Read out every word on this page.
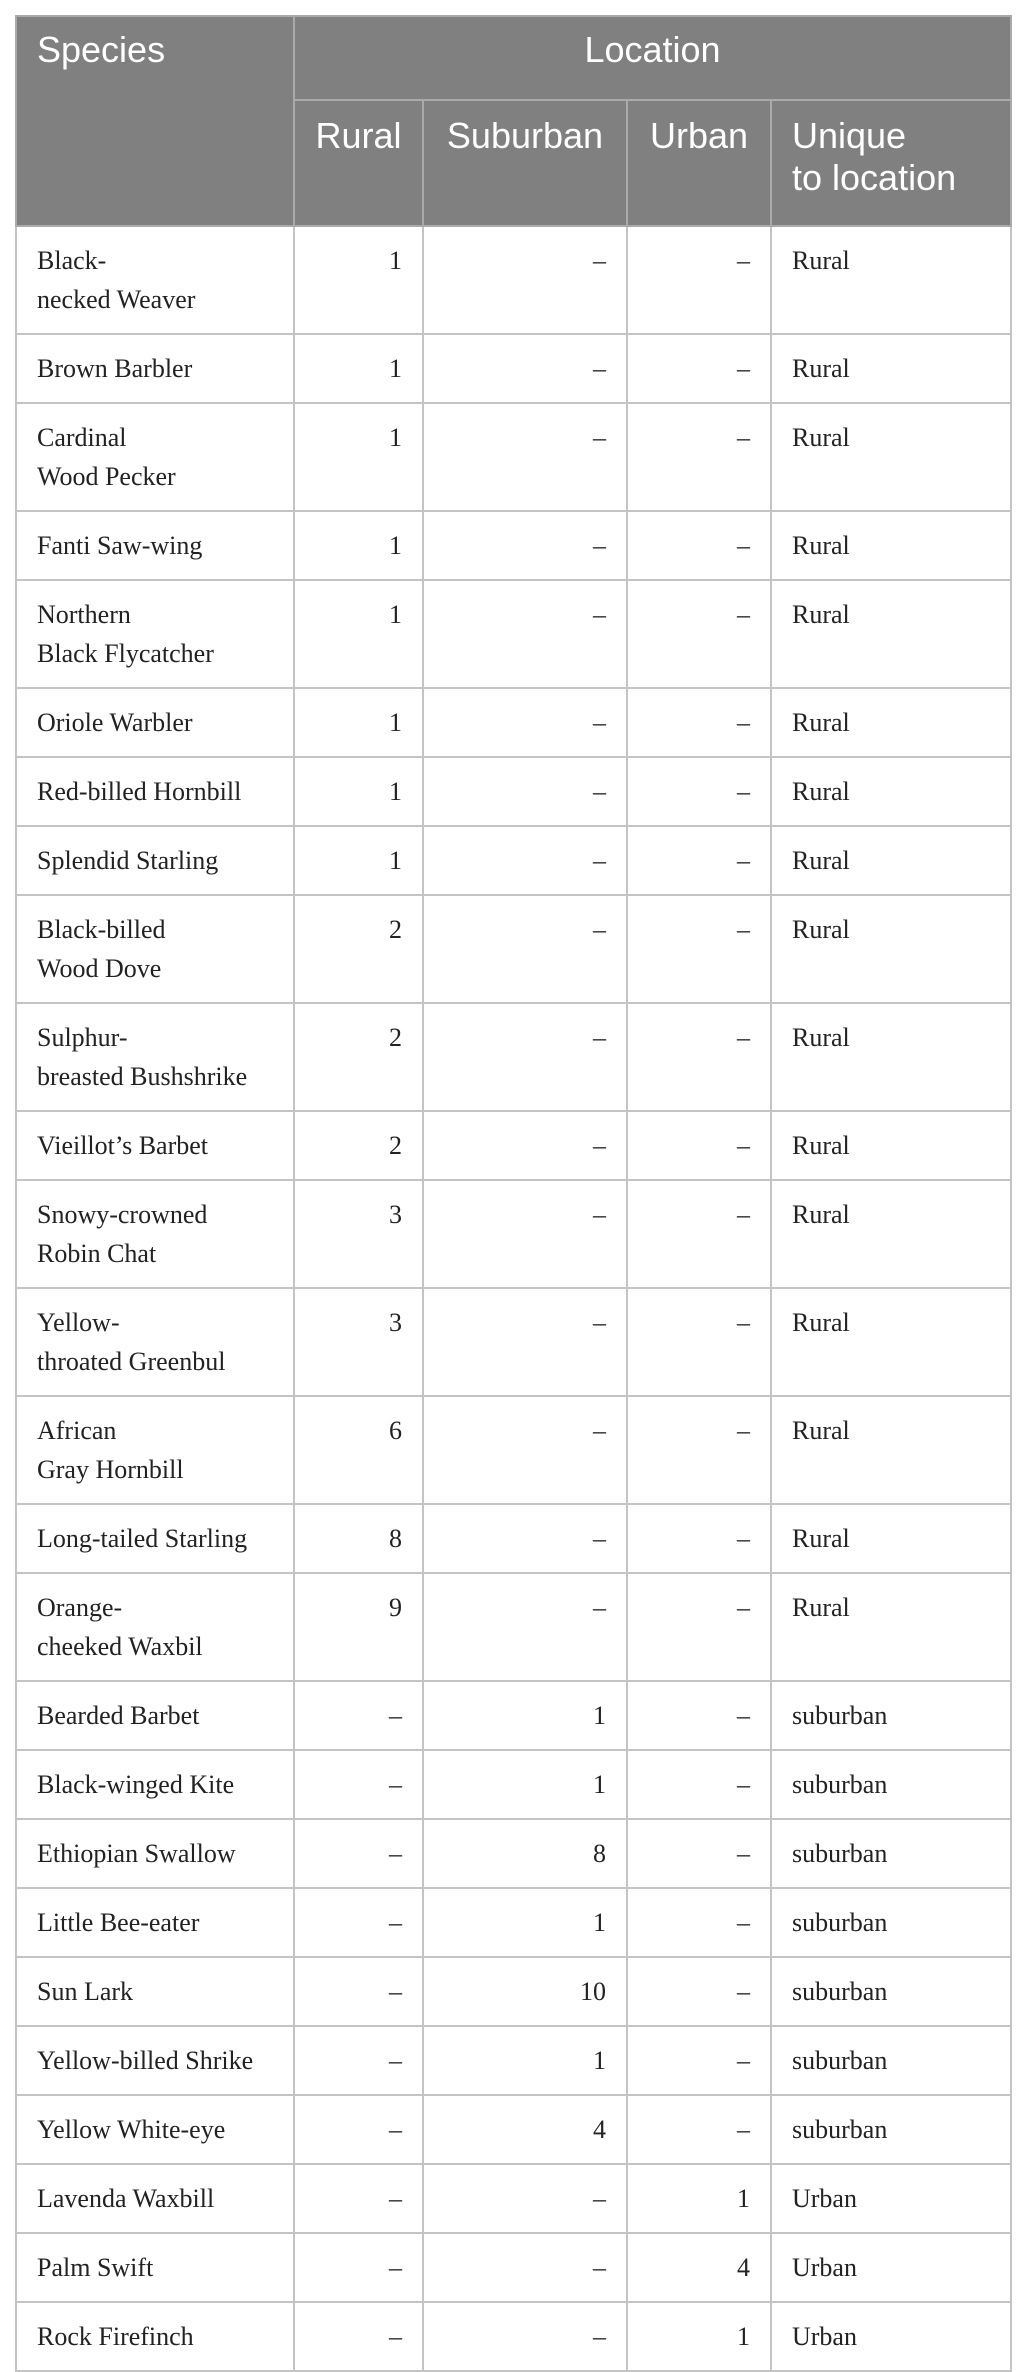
Species	Location			
	Rural	Suburban	Urban	Unique
to location
Black-
necked Weaver	1	–	–	Rural
Brown Barbler	1	–	–	Rural
Cardinal
Wood Pecker	1	–	–	Rural
Fanti Saw-wing	1	–	–	Rural
Northern
Black Flycatcher	1	–	–	Rural
Oriole Warbler	1	–	–	Rural
Red-billed Hornbill	1	–	–	Rural
Splendid Starling	1	–	–	Rural
Black-billed
Wood Dove	2	–	–	Rural
Sulphur-
breasted Bushshrike	2	–	–	Rural
Vieillot’s Barbet	2	–	–	Rural
Snowy-crowned
Robin Chat	3	–	–	Rural
Yellow-
throated Greenbul	3	–	–	Rural
African
Gray Hornbill	6	–	–	Rural
Long-tailed Starling	8	–	–	Rural
Orange-
cheeked Waxbil	9	–	–	Rural
Bearded Barbet	–	1	–	suburban
Black-winged Kite	–	1	–	suburban
Ethiopian Swallow	–	8	–	suburban
Little Bee-eater	–	1	–	suburban
Sun Lark	–	10	–	suburban
Yellow-billed Shrike	–	1	–	suburban
Yellow White-eye	–	4	–	suburban
Lavenda Waxbill	–	–	1	Urban
Palm Swift	–	–	4	Urban
Rock Firefinch	–	–	1	Urban
